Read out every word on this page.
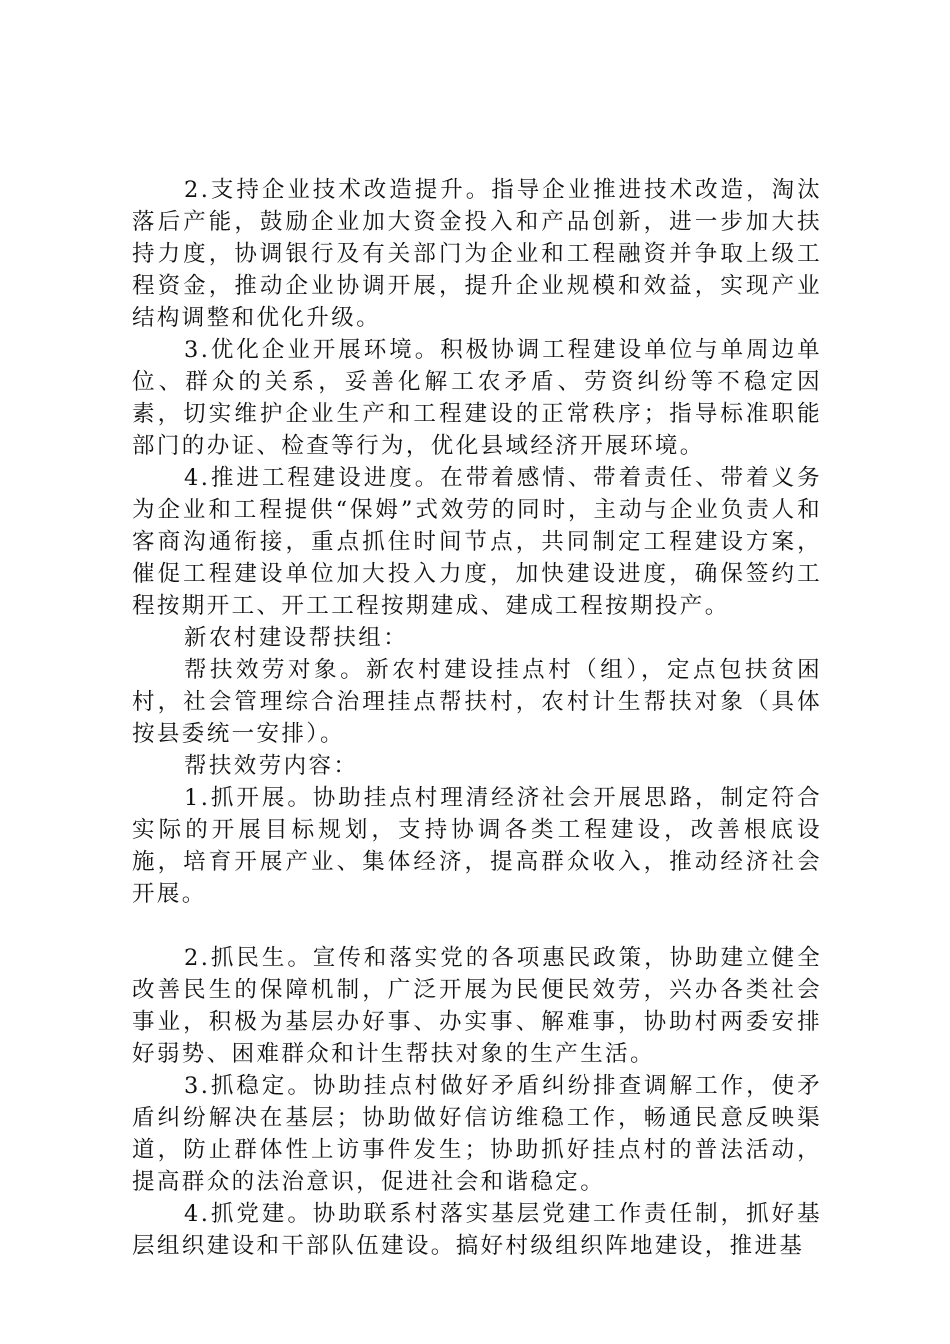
2.支持企业技术改造提升。指导企业推进技术改造，淘汰落后产能，鼓励企业加大资金投入和产品创新，进一步加大扶持力度，协调银行及有关部门为企业和工程融资并争取上级工程资金，推动企业协调开展，提升企业规模和效益，实现产业结构调整和优化升级。

3.优化企业开展环境。积极协调工程建设单位与单周边单位、群众的关系，妥善化解工农矛盾、劳资纠纷等不稳定因素，切实维护企业生产和工程建设的正常秩序；指导标准职能部门的办证、检查等行为，优化县域经济开展环境。

4.推进工程建设进度。在带着感情、带着责任、带着义务为企业和工程提供“保姆”式效劳的同时，主动与企业负责人和客商沟通衔接，重点抓住时间节点，共同制定工程建设方案，催促工程建设单位加大投入力度，加快建设进度，确保签约工程按期开工、开工工程按期建成、建成工程按期投产。

新农村建设帮扶组：

帮扶效劳对象。新农村建设挂点村（组），定点包扶贫困村，社会管理综合治理挂点帮扶村，农村计生帮扶对象（具体按县委统一安排）。

帮扶效劳内容：

1.抓开展。协助挂点村理清经济社会开展思路，制定符合实际的开展目标规划，支持协调各类工程建设，改善根底设施，培育开展产业、集体经济，提高群众收入，推动经济社会开展。

2.抓民生。宣传和落实党的各项惠民政策，协助建立健全改善民生的保障机制，广泛开展为民便民效劳，兴办各类社会事业，积极为基层办好事、办实事、解难事，协助村两委安排好弱势、困难群众和计生帮扶对象的生产生活。

3.抓稳定。协助挂点村做好矛盾纠纷排查调解工作，使矛盾纠纷解决在基层；协助做好信访维稳工作，畅通民意反映渠道，防止群体性上访事件发生；协助抓好挂点村的普法活动，提高群众的法治意识，促进社会和谐稳定。

4.抓党建。协助联系村落实基层党建工作责任制，抓好基层组织建设和干部队伍建设。搞好村级组织阵地建设，推进基
